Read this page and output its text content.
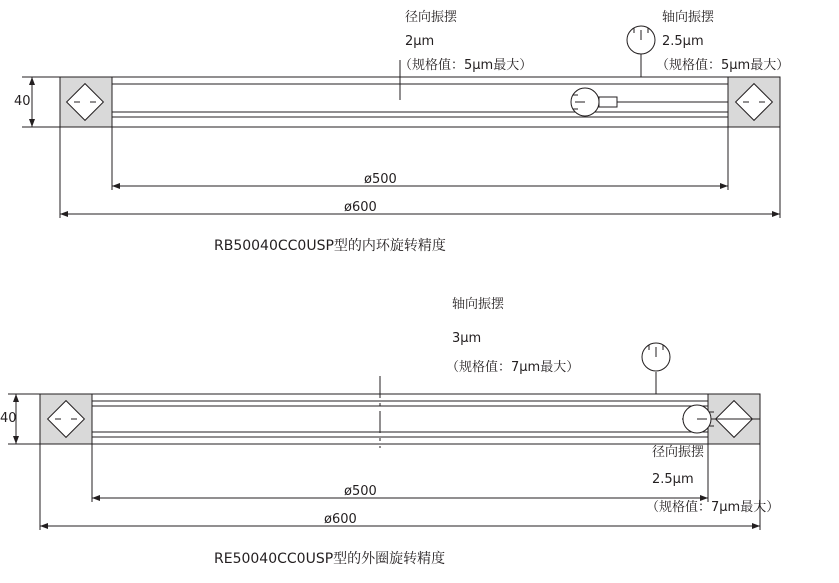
径向振摆
2μm
（规格值：5μm最大）
轴向振摆
2.5μm
（规格值：5μm最大）
40
ø500
ø600
RB50040CC0USP型的内环旋转精度
轴向振摆
3μm
（规格值：7μm最大）
径向振摆
2.5μm
（规格值：7μm最大）
40
ø500
ø600
RE50040CC0USP型的外圈旋转精度
